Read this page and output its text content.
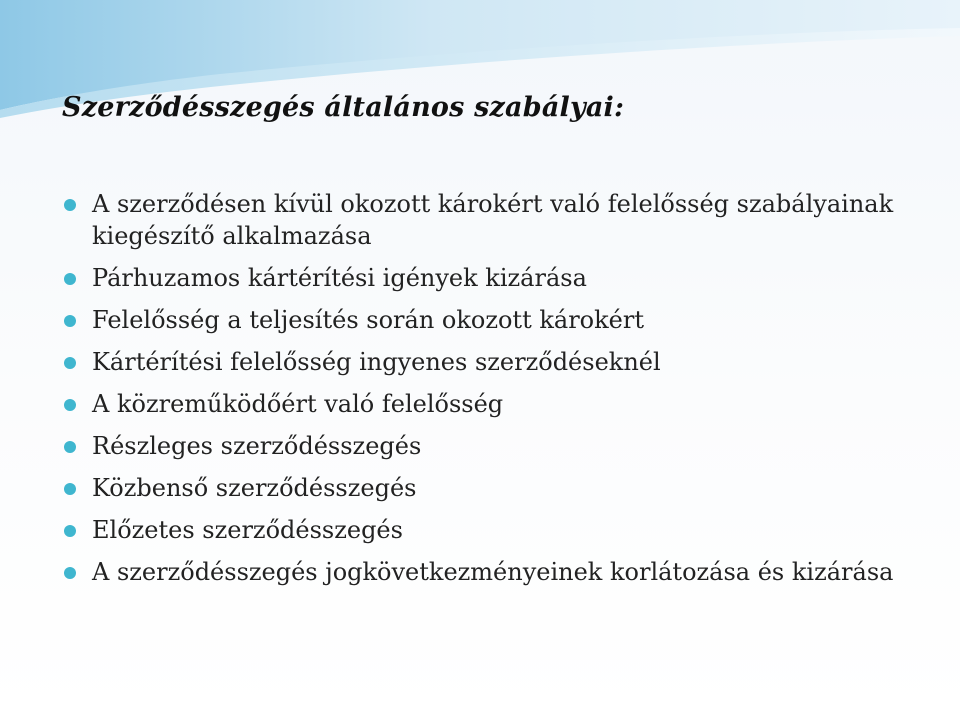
Szerződésszegés általános szabályai:
A szerződésen kívül okozott károkért való felelősség szabályainak kiegészítő alkalmazása
Párhuzamos kártérítési igények kizárása
Felelősség a teljesítés során okozott károkért
Kártérítési felelősség ingyenes szerződéseknél
A közreműködőért való felelősség
Részleges szerződésszegés
Közbenső szerződésszegés
Előzetes szerződésszegés
A szerződésszegés jogkövetkezményeinek korlátozása és kizárása
